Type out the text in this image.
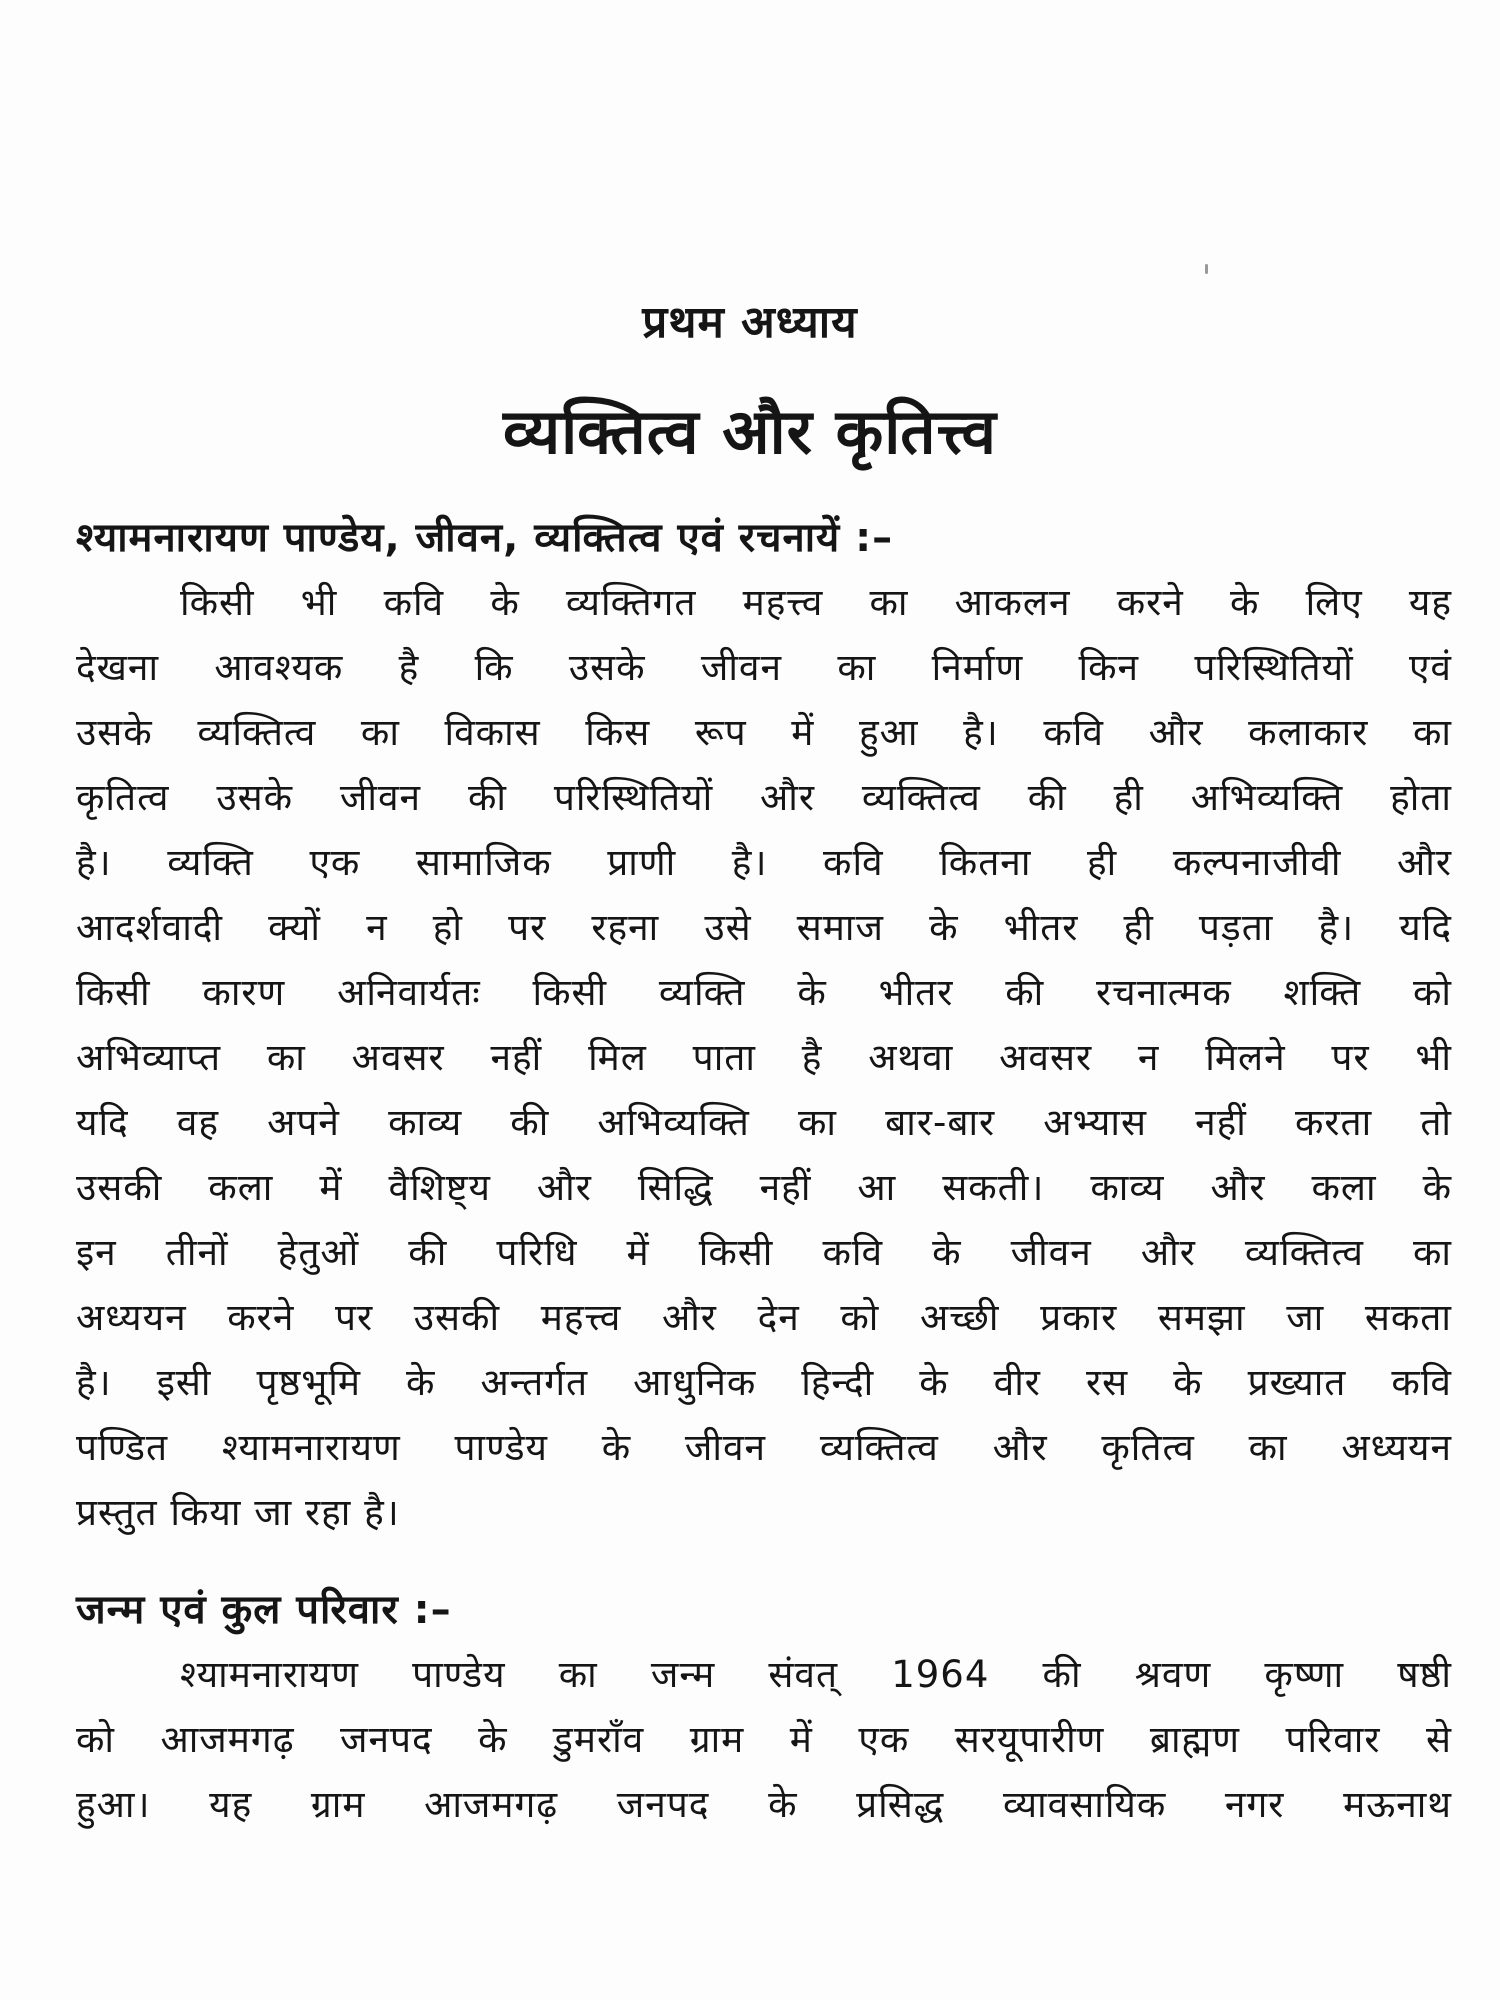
प्रथम अध्याय
व्यक्तित्व और कृतित्त्व
श्यामनारायण पाण्डेय, जीवन, व्यक्तित्व एवं रचनायें :–
किसी भी कवि के व्यक्तिगत महत्त्व का आकलन करने के लिए यह
देखना आवश्यक है कि उसके जीवन का निर्माण किन परिस्थितियों एवं
उसके व्यक्तित्व का विकास किस रूप में हुआ है। कवि और कलाकार का
कृतित्व उसके जीवन की परिस्थितियों और व्यक्तित्व की ही अभिव्यक्ति होता
है। व्यक्ति एक सामाजिक प्राणी है। कवि कितना ही कल्पनाजीवी और
आदर्शवादी क्यों न हो पर रहना उसे समाज के भीतर ही पड़ता है। यदि
किसी कारण अनिवार्यतः किसी व्यक्ति के भीतर की रचनात्मक शक्ति को
अभिव्याप्त का अवसर नहीं मिल पाता है अथवा अवसर न मिलने पर भी
यदि वह अपने काव्य की अभिव्यक्ति का बार-बार अभ्यास नहीं करता तो
उसकी कला में वैशिष्ट्य और सिद्धि नहीं आ सकती। काव्य और कला के
इन तीनों हेतुओं की परिधि में किसी कवि के जीवन और व्यक्तित्व का
अध्ययन करने पर उसकी महत्त्व और देन को अच्छी प्रकार समझा जा सकता
है। इसी पृष्ठभूमि के अन्तर्गत आधुनिक हिन्दी के वीर रस के प्रख्यात कवि
पण्डित श्यामनारायण पाण्डेय के जीवन व्यक्तित्व और कृतित्व का अध्ययन
प्रस्तुत किया जा रहा है।
जन्म एवं कुल परिवार :–
श्यामनारायण पाण्डेय का जन्म संवत् 1964 की श्रवण कृष्णा षष्ठी
को आजमगढ़ जनपद के डुमराँव ग्राम में एक सरयूपारीण ब्राह्मण परिवार से
हुआ। यह ग्राम आजमगढ़ जनपद के प्रसिद्ध व्यावसायिक नगर मऊनाथ
